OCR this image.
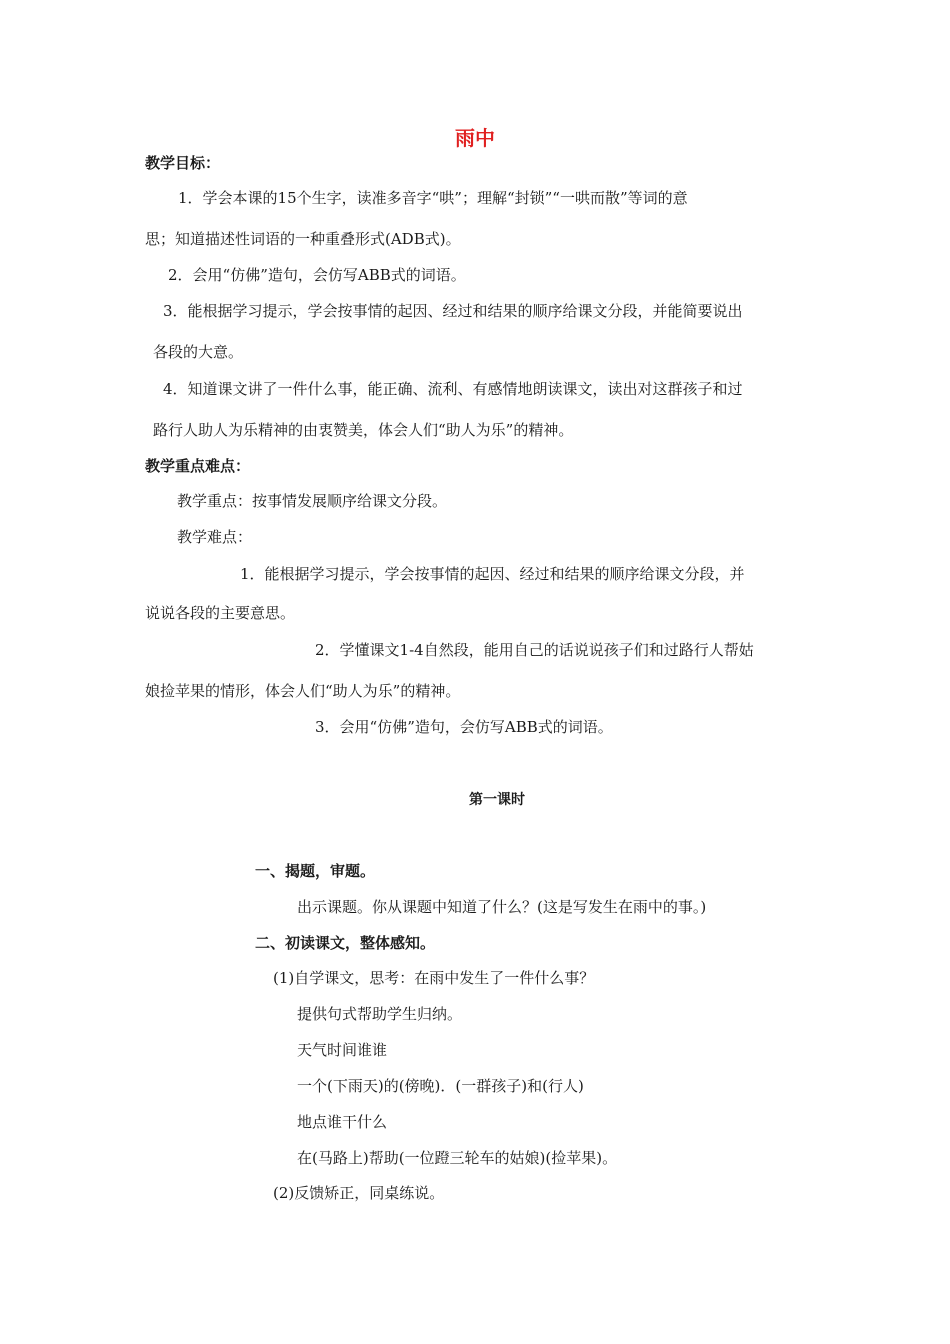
雨中
教学目标：
1．学会本课的15个生字，读准多音字“哄”；理解“封锁”“一哄而散”等词的意
思；知道描述性词语的一种重叠形式(ADB式)。
2．会用“仿佛”造句，会仿写ABB式的词语。
3．能根据学习提示，学会按事情的起因、经过和结果的顺序给课文分段，并能简要说出
各段的大意。
4．知道课文讲了一件什么事，能正确、流利、有感情地朗读课文，读出对这群孩子和过
路行人助人为乐精神的由衷赞美，体会人们“助人为乐”的精神。
教学重点难点：
教学重点：按事情发展顺序给课文分段。
教学难点：
1．能根据学习提示，学会按事情的起因、经过和结果的顺序给课文分段，并
说说各段的主要意思。
2．学懂课文1-4自然段，能用自己的话说说孩子们和过路行人帮姑
娘捡苹果的情形，体会人们“助人为乐”的精神。
3．会用“仿佛”造句，会仿写ABB式的词语。
第一课时
一、揭题，审题。
出示课题。你从课题中知道了什么？(这是写发生在雨中的事。)
二、初读课文，整体感知。
(1)自学课文，思考：在雨中发生了一件什么事？
提供句式帮助学生归纳。
天气时间谁谁
一个(下雨天)的(傍晚)．(一群孩子)和(行人)
地点谁干什么
在(马路上)帮助(一位蹬三轮车的姑娘)(捡苹果)。
(2)反馈矫正，同桌练说。
